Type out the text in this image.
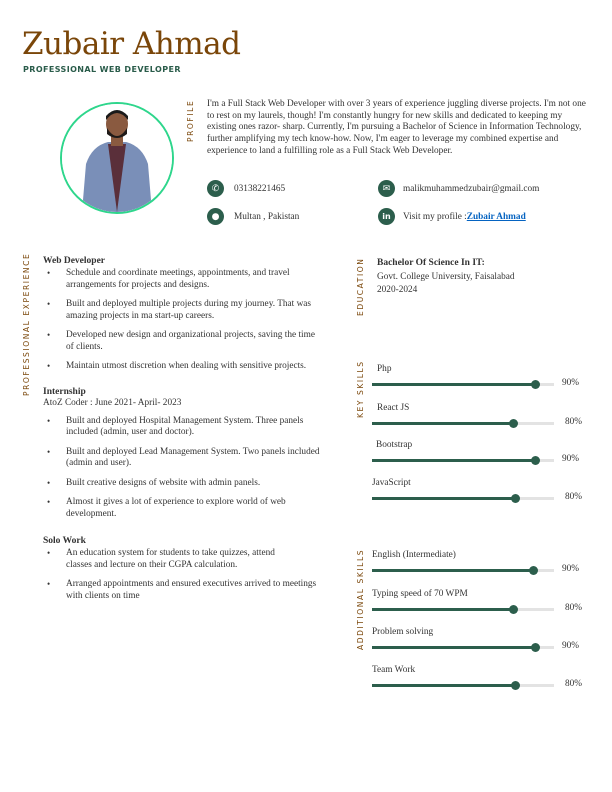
Zubair Ahmad
PROFESSIONAL WEB DEVELOPER
PROFILE I'm a Full Stack Web Developer with over 3 years of experience juggling diverse projects. I'm not one to rest on my laurels, though! I'm constantly hungry for new skills and dedicated to keeping my existing ones razor- sharp. Currently, I'm pursuing a Bachelor of Science in Information Technology, further amplifying my tech know-how. Now, I'm eager to leverage my combined expertise and experience to land a fulfilling role as a Full Stack Web Developer.
✆	03138221465	✉	malikmuhammedzubair@gmail.com
●	Multan , Pakistan	in	Visit my profile :Zubair Ahmad
PROFESSIONAL EXPERIENCE Web Developer
• Schedule and coordinate meetings, appointments, and travel arrangements for projects and designs.
• Built and deployed multiple projects during my journey. That was amazing projects in ma start-up careers.
• Developed new design and organizational projects, saving the time of clients.
• Maintain utmost discretion when dealing with sensitive projects.
Internship
AtoZ Coder : June 2021- April- 2023
• Built and deployed Hospital Management System. Three panels included (admin, user and doctor).
• Built and deployed Lead Management System. Two panels included (admin and user).
• Built creative designs of website with admin panels.
• Almost it gives a lot of experience to explore world of web development.
Solo Work
• An education system for students to take quizzes, attend classes and lecture on their CGPA calculation.
• Arranged appointments and ensured executives arrived to meetings with clients on time
EDUCATION Bachelor Of Science In IT:
Govt. College University, Faisalabad
2020-2024
KEY SKILLS Php
90%
React JS
80%
Bootstrap
90%
JavaScript
80%
ADDITIONAL SKILLS English (Intermediate)
90%
Typing speed of 70 WPM
80%
Problem solving
90%
Team Work
80%
